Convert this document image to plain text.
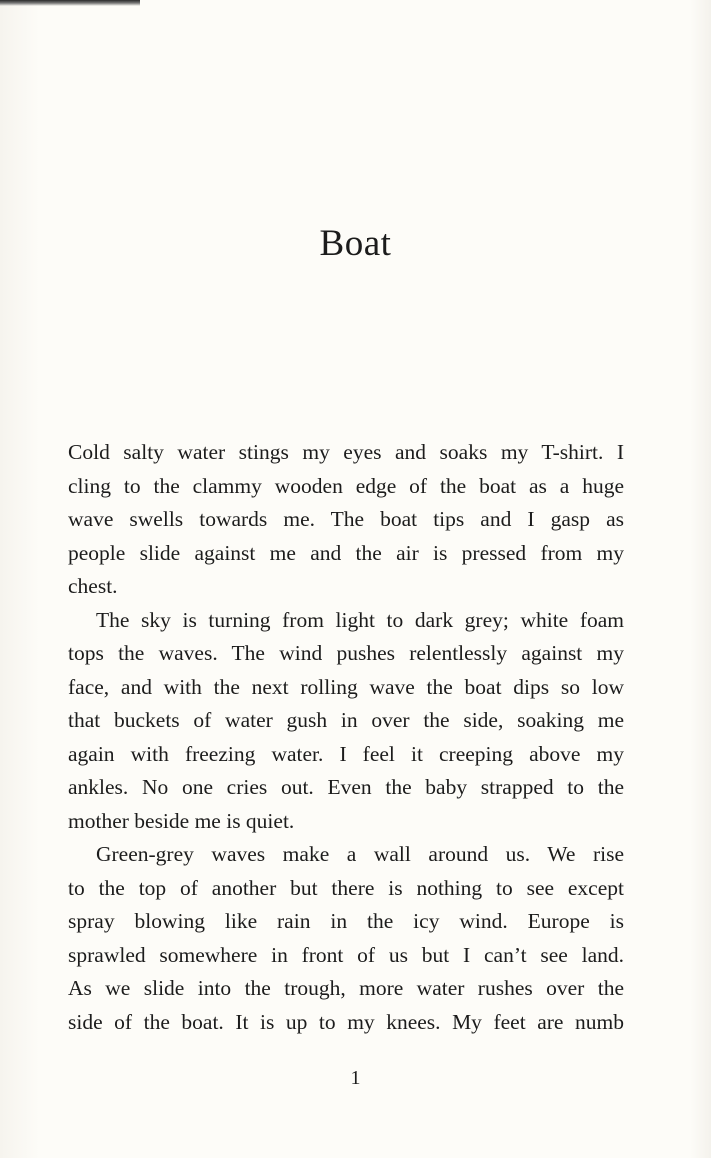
Boat
Cold salty water stings my eyes and soaks my T-shirt. I
cling to the clammy wooden edge of the boat as a huge
wave swells towards me. The boat tips and I gasp as
people slide against me and the air is pressed from my
chest.
The sky is turning from light to dark grey; white foam
tops the waves. The wind pushes relentlessly against my
face, and with the next rolling wave the boat dips so low
that buckets of water gush in over the side, soaking me
again with freezing water. I feel it creeping above my
ankles. No one cries out. Even the baby strapped to the
mother beside me is quiet.
Green-grey waves make a wall around us. We rise
to the top of another but there is nothing to see except
spray blowing like rain in the icy wind. Europe is
sprawled somewhere in front of us but I can’t see land.
As we slide into the trough, more water rushes over the
side of the boat. It is up to my knees. My feet are numb
1
